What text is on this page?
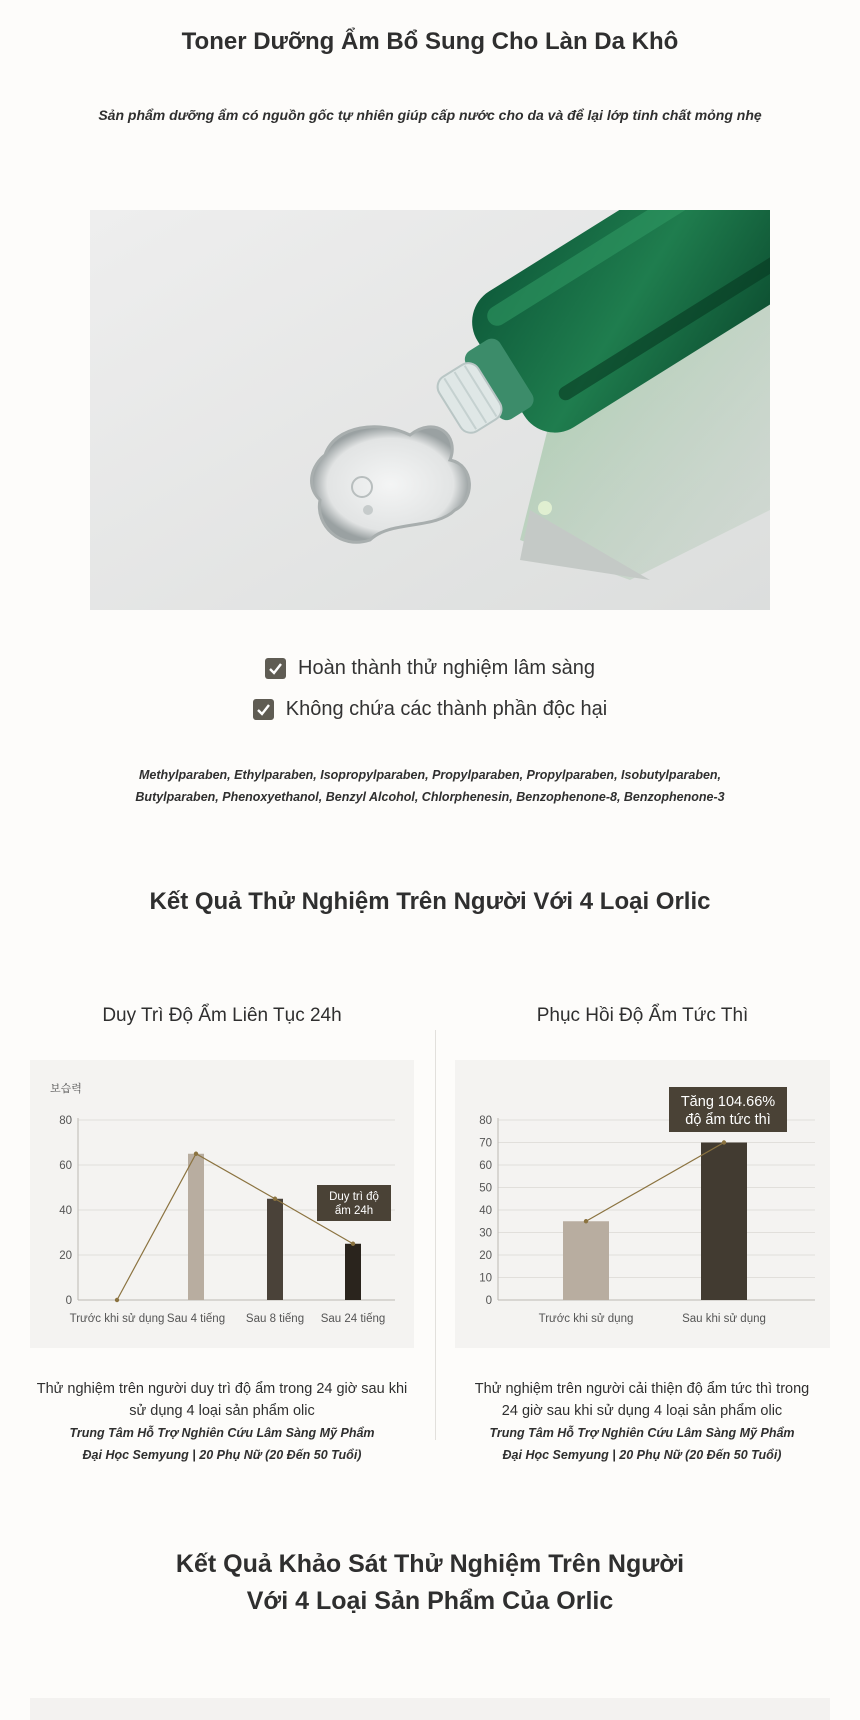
Toner Dưỡng Ẩm Bổ Sung Cho Làn Da Khô
Sản phẩm dưỡng ẩm có nguồn gốc tự nhiên giúp cấp nước cho da và để lại lớp tinh chất mỏng nhẹ
Hoàn thành thử nghiệm lâm sàng
Không chứa các thành phần độc hại
Methylparaben, Ethylparaben, Isopropylparaben, Propylparaben, Propylparaben, Isobutylparaben,
Butylparaben, Phenoxyethanol, Benzyl Alcohol, Chlorphenesin, Benzophenone-8, Benzophenone-3
Kết Quả Thử Nghiệm Trên Người Với 4 Loại Orlic
Duy Trì Độ Ẩm Liên Tục 24h	Phục Hồi Độ Ẩm Tức Thì
보습력
0
20
40
60
80
Trước khi sử dụng Sau 4 tiếng Sau 8 tiếng Sau 24 tiếng
Duy trì độ
ẩm 24h
0
10
20
30
40
50
60
70
80
Trước khi sử dụng	Sau khi sử dụng
Tăng 104.66%
độ ẩm tức thì
Thử nghiệm trên người duy trì độ ẩm trong 24 giờ sau khi sử dụng 4 loại sản phẩm olic
Trung Tâm Hỗ Trợ Nghiên Cứu Lâm Sàng Mỹ Phẩm
Đại Học Semyung | 20 Phụ Nữ (20 Đến 50 Tuổi)
Thử nghiệm trên người cải thiện độ ẩm tức thì trong 24 giờ sau khi sử dụng 4 loại sản phẩm olic
Trung Tâm Hỗ Trợ Nghiên Cứu Lâm Sàng Mỹ Phẩm
Đại Học Semyung | 20 Phụ Nữ (20 Đến 50 Tuổi)
Kết Quả Khảo Sát Thử Nghiệm Trên Người
Với 4 Loại Sản Phẩm Của Orlic
